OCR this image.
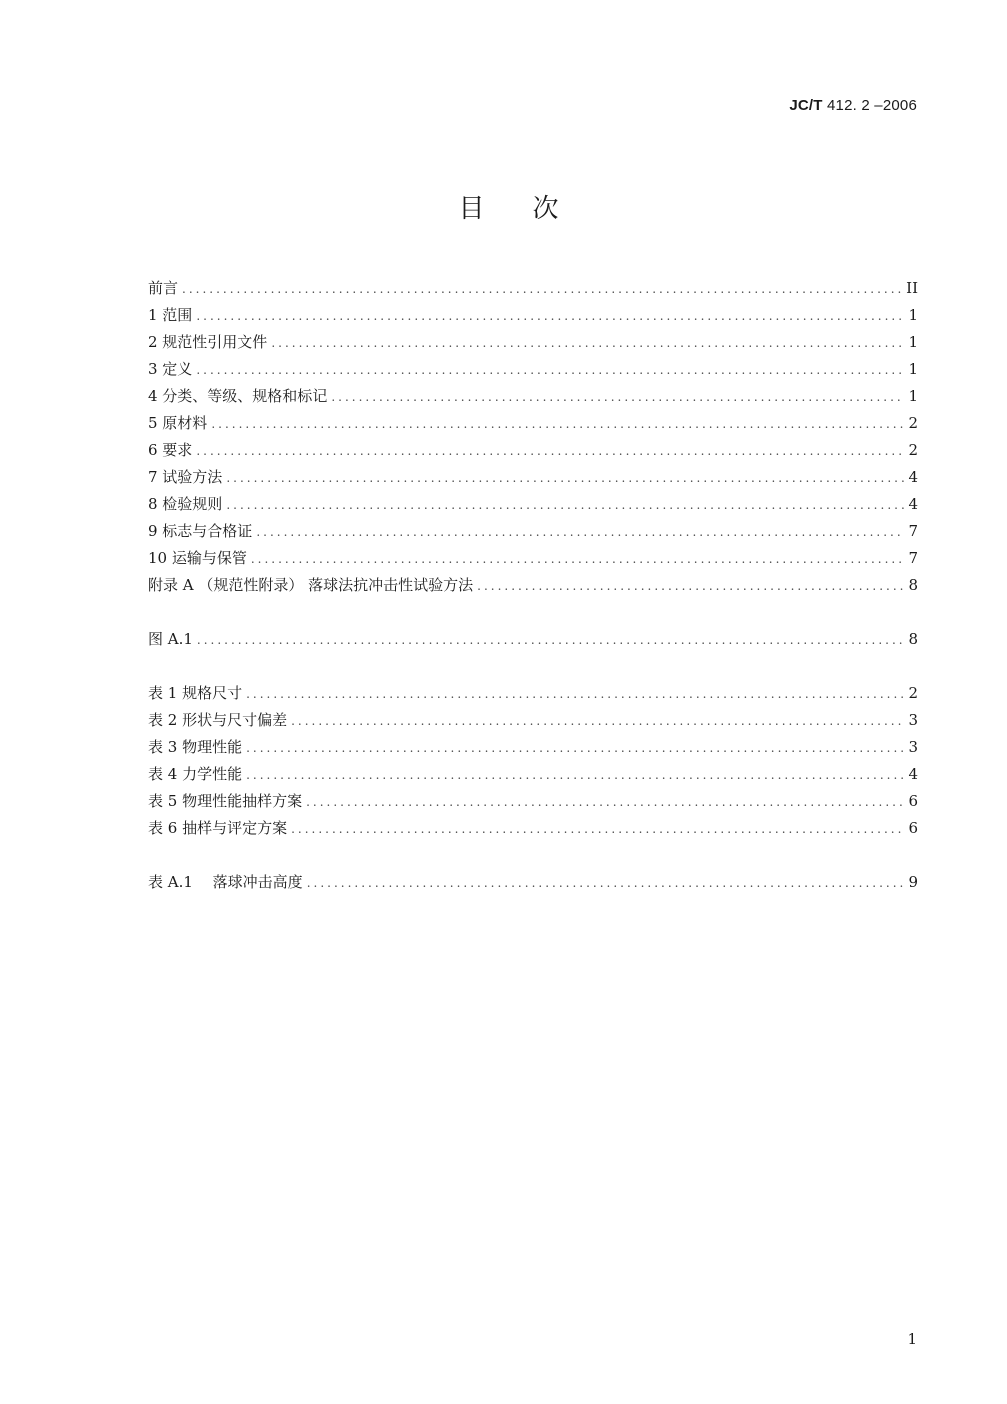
JC/T 412. 2 –2006
目次
前言 .....	II
1 范围 .....	1
2 规范性引用文件 .....	1
3 定义 .....	1
4 分类、等级、规格和标记 .....	1
5 原材料 .....	2
6 要求 .....	2
7 试验方法 .....	4
8 检验规则 .....	4
9 标志与合格证 .....	7
10 运输与保管 .....	7
附录 A （规范性附录） 落球法抗冲击性试验方法 .....	8
图 A.1 .....	8
表 1 规格尺寸 .....	2
表 2 形状与尺寸偏差 .....	3
表 3 物理性能 .....	3
表 4 力学性能 .....	4
表 5 物理性能抽样方案 .....	6
表 6 抽样与评定方案 .....	6
表 A.1　 落球冲击高度 .....	9
1
